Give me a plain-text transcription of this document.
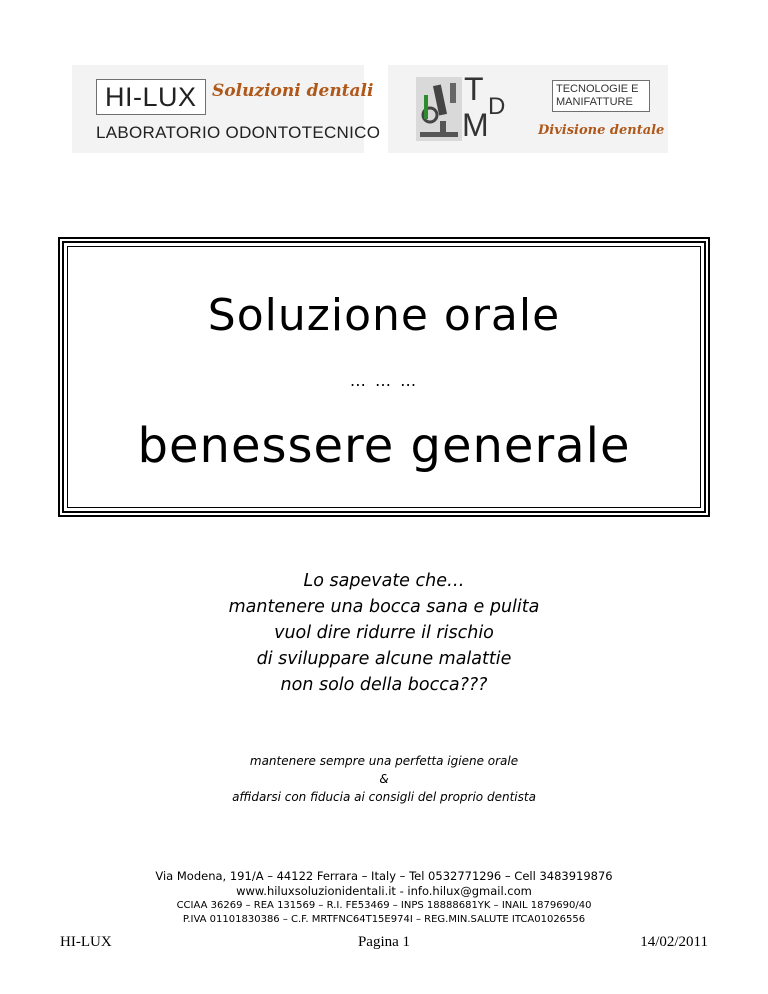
HI-LUX Soluzioni dentali
LABORATORIO ODONTOTECNICO
T
M
D
TECNOLOGIE E
MANIFATTURE
Divisione dentale
Soluzione orale
… … …
benessere generale
Lo sapevate che…
mantenere una bocca sana e pulita
vuol dire ridurre il rischio
di sviluppare alcune malattie
non solo della bocca???
mantenere sempre una perfetta igiene orale
&
affidarsi con fiducia ai consigli del proprio dentista
Via Modena, 191/A – 44122 Ferrara – Italy – Tel 0532771296 – Cell 3483919876
www.hiluxsoluzionidentali.it - info.hilux@gmail.com
CCIAA 36269 – REA 131569 – R.I. FE53469 – INPS 18888681YK – INAIL 1879690/40
P.IVA 01101830386 – C.F. MRTFNC64T15E974I – REG.MIN.SALUTE ITCA01026556
HI-LUX	Pagina 1	14/02/2011
